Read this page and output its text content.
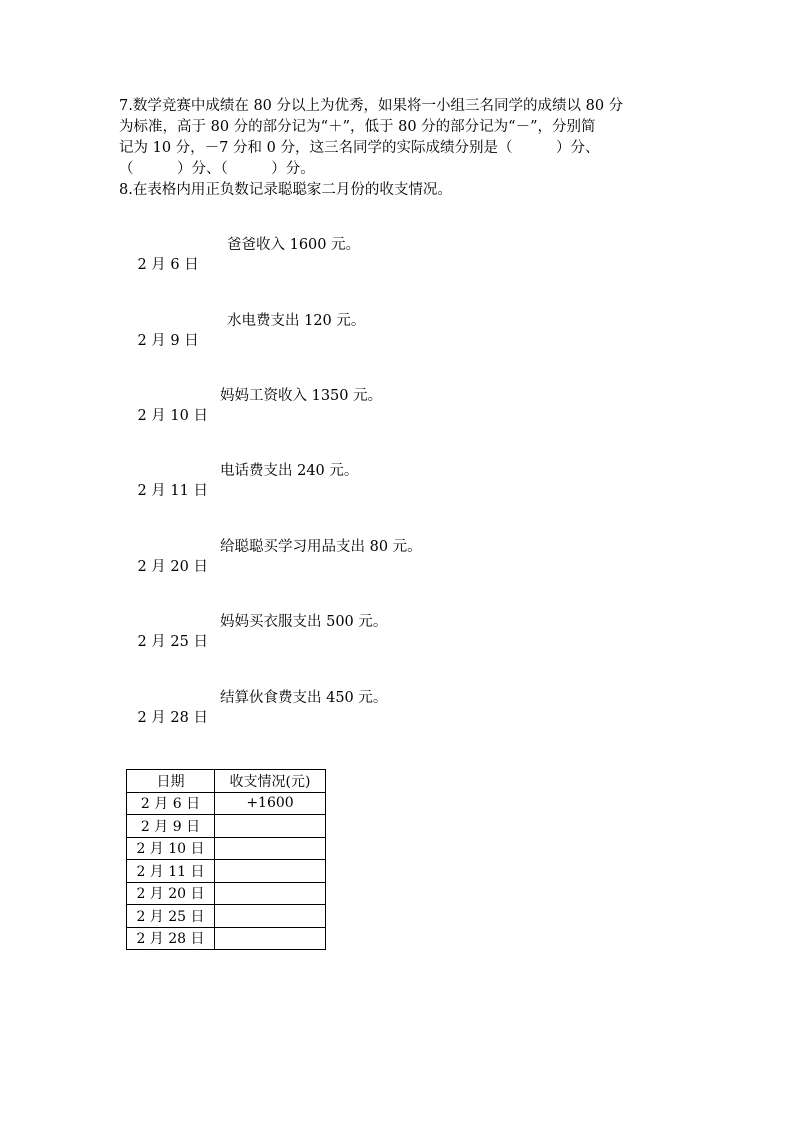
7.数学竞赛中成绩在 80 分以上为优秀，如果将一小组三名同学的成绩以 80 分
为标准，高于 80 分的部分记为“＋”，低于 80 分的部分记为“－”，分别简
记为 10 分，－7 分和 0 分，这三名同学的实际成绩分别是（　　　）分、
（　　　）分、（　　　）分。
8.在表格内用正负数记录聪聪家二月份的收支情况。

2 月 6 日

爸爸收入 1600 元。

2 月 9 日

水电费支出 120 元。

2 月 10 日

妈妈工资收入 1350 元。

2 月 11 日

电话费支出 240 元。

2 月 20 日

给聪聪买学习用品支出 80 元。

2 月 25 日

妈妈买衣服支出 500 元。

2 月 28 日

结算伙食费支出 450 元。

日期	收支情况(元)
2 月 6 日	+1600
2 月 9 日	
2 月 10 日	
2 月 11 日	
2 月 20 日	
2 月 25 日	
2 月 28 日	
